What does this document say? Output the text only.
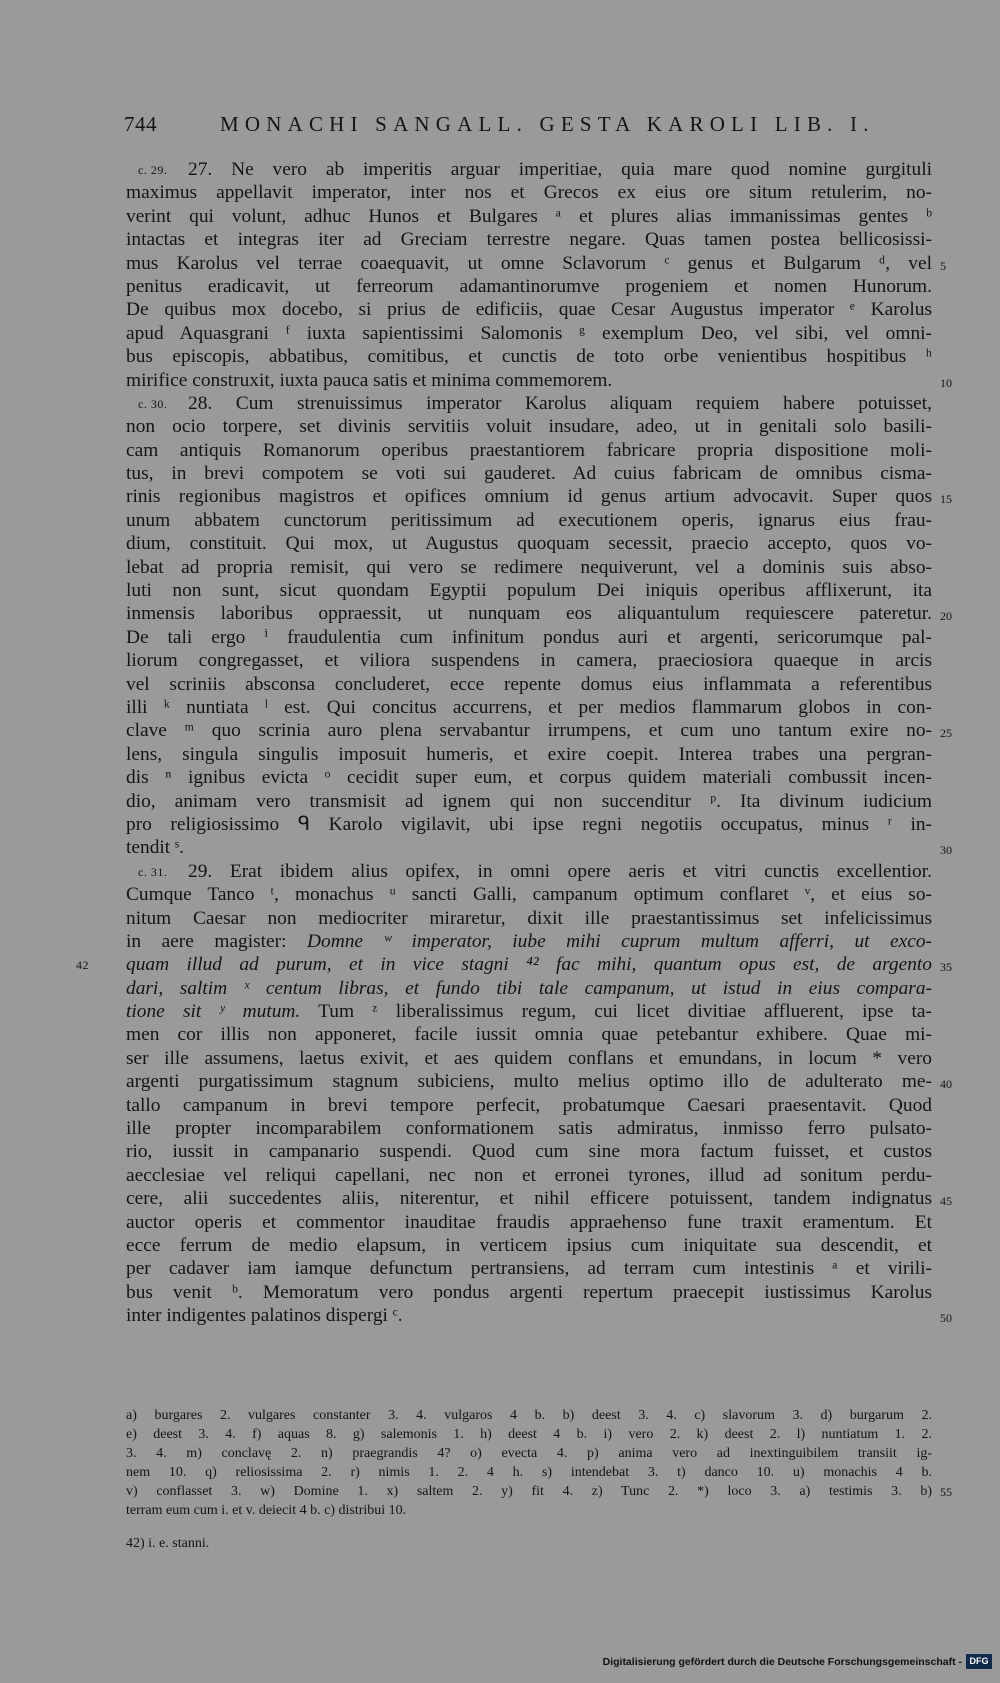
744	MONACHI SANGALL. GESTA KAROLI LIB. I.
c. 29. 27. Ne vero ab imperitis arguar imperitiae, quia mare quod nomine gurgituli
maximus appellavit imperator, inter nos et Grecos ex eius ore situm retulerim, no-
verint qui volunt, adhuc Hunos et Bulgares ᵃ et plures alias immanissimas gentes ᵇ
intactas et integras iter ad Greciam terrestre negare. Quas tamen postea bellicosissi-
mus Karolus vel terrae coaequavit, ut omne Sclavorum ᶜ genus et Bulgarum ᵈ, vel 5
penitus eradicavit, ut ferreorum adamantinorumve progeniem et nomen Hunorum.
De quibus mox docebo, si prius de edificiis, quae Cesar Augustus imperator ᵉ Karolus
apud Aquasgrani ᶠ iuxta sapientissimi Salomonis ᵍ exemplum Deo, vel sibi, vel omni-
bus episcopis, abbatibus, comitibus, et cunctis de toto orbe venientibus hospitibus ʰ
mirifice construxit, iuxta pauca satis et minima commemorem.	10
c. 30. 28. Cum strenuissimus imperator Karolus aliquam requiem habere potuisset,
non ocio torpere, set divinis servitiis voluit insudare, adeo, ut in genitali solo basili-
cam antiquis Romanorum operibus praestantiorem fabricare propria dispositione moli-
tus, in brevi compotem se voti sui gauderet. Ad cuius fabricam de omnibus cisma-
rinis regionibus magistros et opifices omnium id genus artium advocavit. Super quos 15
unum abbatem cunctorum peritissimum ad executionem operis, ignarus eius frau-
dium, constituit. Qui mox, ut Augustus quoquam secessit, praecio accepto, quos vo-
lebat ad propria remisit, qui vero se redimere nequiverunt, vel a dominis suis abso-
luti non sunt, sicut quondam Egyptii populum Dei iniquis operibus afflixerunt, ita
inmensis laboribus oppraessit, ut nunquam eos aliquantulum requiescere pateretur. 20
De tali ergo ⁱ fraudulentia cum infinitum pondus auri et argenti, sericorumque pal-
liorum congregasset, et viliora suspendens in camera, praeciosiora quaeque in arcis
vel scriniis absconsa concluderet, ecce repente domus eius inflammata a referentibus
illi ᵏ nuntiata ˡ est. Qui concitus accurrens, et per medios flammarum globos in con-
clave ᵐ quo scrinia auro plena servabantur irrumpens, et cum uno tantum exire no- 25
lens, singula singulis imposuit humeris, et exire coepit. Interea trabes una pergran-
dis ⁿ ignibus evicta ᵒ cecidit super eum, et corpus quidem materiali combussit incen-
dio, animam vero transmisit ad ignem qui non succenditur ᵖ. Ita divinum iudicium
pro religiosissimo ᑫ Karolo vigilavit, ubi ipse regni negotiis occupatus, minus ʳ in-
tendit ˢ.	30
c. 31. 29. Erat ibidem alius opifex, in omni opere aeris et vitri cunctis excellentior.
Cumque Tanco ᵗ, monachus ᵘ sancti Galli, campanum optimum conflaret ᵛ, et eius so-
nitum Caesar non mediocriter miraretur, dixit ille praestantissimus set infelicissimus
in aere magister: Domne ʷ imperator, iube mihi cuprum multum afferri, ut exco-
42	quam illud ad purum, et in vice stagni ⁴² fac mihi, quantum opus est, de argento 35
dari, saltim ˣ centum libras, et fundo tibi tale campanum, ut istud in eius compara-
tione sit ʸ mutum. Tum ᶻ liberalissimus regum, cui licet divitiae affluerent, ipse ta-
men cor illis non apponeret, facile iussit omnia quae petebantur exhibere. Quae mi-
ser ille assumens, laetus exivit, et aes quidem conflans et emundans, in locum * vero
argenti purgatissimum stagnum subiciens, multo melius optimo illo de adulterato me- 40
tallo campanum in brevi tempore perfecit, probatumque Caesari praesentavit. Quod
ille propter incomparabilem conformationem satis admiratus, inmisso ferro pulsato-
rio, iussit in campanario suspendi. Quod cum sine mora factum fuisset, et custos
aecclesiae vel reliqui capellani, nec non et erronei tyrones, illud ad sonitum perdu-
cere, alii succedentes aliis, niterentur, et nihil efficere potuissent, tandem indignatus 45
auctor operis et commentor inauditae fraudis appraehenso fune traxit eramentum. Et
ecce ferrum de medio elapsum, in verticem ipsius cum iniquitate sua descendit, et
per cadaver iam iamque defunctum pertransiens, ad terram cum intestinis ᵃ et virili-
bus venit ᵇ. Memoratum vero pondus argenti repertum praecepit iustissimus Karolus
inter indigentes palatinos dispergi ᶜ.	50
a) burgares 2. vulgares constanter 3. 4. vulgaros 4 b. b) deest 3. 4. c) slavorum 3. d) burgarum 2.
e) deest 3. 4. f) aquas 8. g) salemonis 1. h) deest 4 b. i) vero 2. k) deest 2. l) nuntiatum 1. 2.
3. 4. m) conclavę 2. n) praegrandis 4? o) evecta 4. p) anima vero ad inextinguibilem transiit ig-
nem 10. q) reliosissima 2. r) nimis 1. 2. 4 h. s) intendebat 3. t) danco 10. u) monachis 4 b.
v) conflasset 3. w) Domine 1. x) saltem 2. y) fit 4. z) Tunc 2. *) loco 3. a) testimis 3. b) 55
terram eum cum i. et v. deiecit 4 b. c) distribui 10.
42) i. e. stanni.
Digitalisierung gefördert durch die Deutsche Forschungsgemeinschaft - DFG
